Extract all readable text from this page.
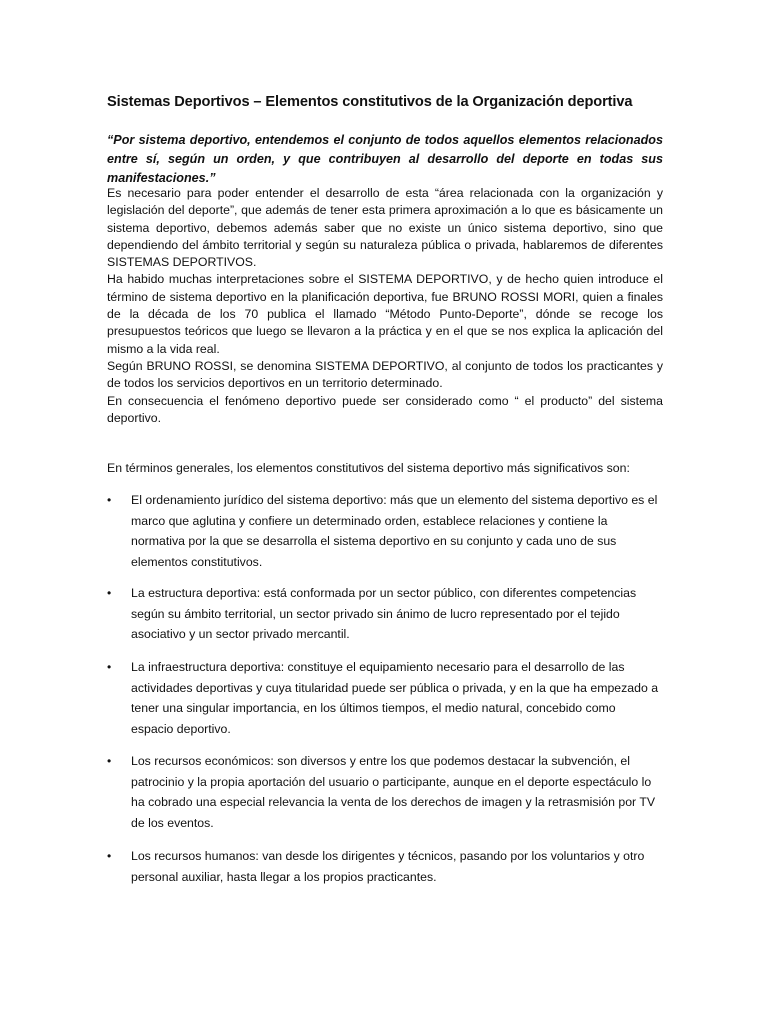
Sistemas Deportivos – Elementos constitutivos de la Organización deportiva
“Por sistema deportivo, entendemos el conjunto de todos aquellos elementos relacionados entre sí, según un orden, y que contribuyen al desarrollo del deporte en todas sus manifestaciones.”

Es necesario para poder entender el desarrollo de esta “área relacionada con la organización y legislación del deporte”, que además de tener esta primera aproximación a lo que es básicamente un sistema deportivo, debemos además saber que no existe un único sistema deportivo, sino que dependiendo del ámbito territorial y según su naturaleza pública o privada, hablaremos de diferentes SISTEMAS DEPORTIVOS.

Ha habido muchas interpretaciones sobre el SISTEMA DEPORTIVO, y de hecho quien introduce el término de sistema deportivo en la planificación deportiva, fue BRUNO ROSSI MORI, quien a finales de la década de los 70 publica el llamado “Método Punto-Deporte”, dónde se recoge los presupuestos teóricos que luego se llevaron a la práctica y en el que se nos explica la aplicación del mismo a la vida real.

Según BRUNO ROSSI, se denomina SISTEMA DEPORTIVO, al conjunto de todos los practicantes y de todos los servicios deportivos en un territorio determinado.

En consecuencia el fenómeno deportivo puede ser considerado como “ el producto” del sistema deportivo.

En términos generales, los elementos constitutivos del sistema deportivo más significativos son:

•	El ordenamiento jurídico del sistema deportivo: más que un elemento del sistema deportivo es el marco que aglutina y confiere un determinado orden, establece relaciones y contiene la normativa por la que se desarrolla el sistema deportivo en su conjunto y cada uno de sus elementos constitutivos.
•	La estructura deportiva: está conformada por un sector público, con diferentes competencias según su ámbito territorial, un sector privado sin ánimo de lucro representado por el tejido asociativo y un sector privado mercantil.
•	La infraestructura deportiva: constituye el equipamiento necesario para el desarrollo de las actividades deportivas y cuya titularidad puede ser pública o privada, y en la que ha empezado a tener una singular importancia, en los últimos tiempos, el medio natural, concebido como espacio deportivo.
•	Los recursos económicos: son diversos y entre los que podemos destacar la subvención, el patrocinio y la propia aportación del usuario o participante, aunque en el deporte espectáculo lo ha cobrado una especial relevancia la venta de los derechos de imagen y la retrasmisión por TV de los eventos.
•	Los recursos humanos: van desde los dirigentes y técnicos, pasando por los voluntarios y otro personal auxiliar, hasta llegar a los propios practicantes.
